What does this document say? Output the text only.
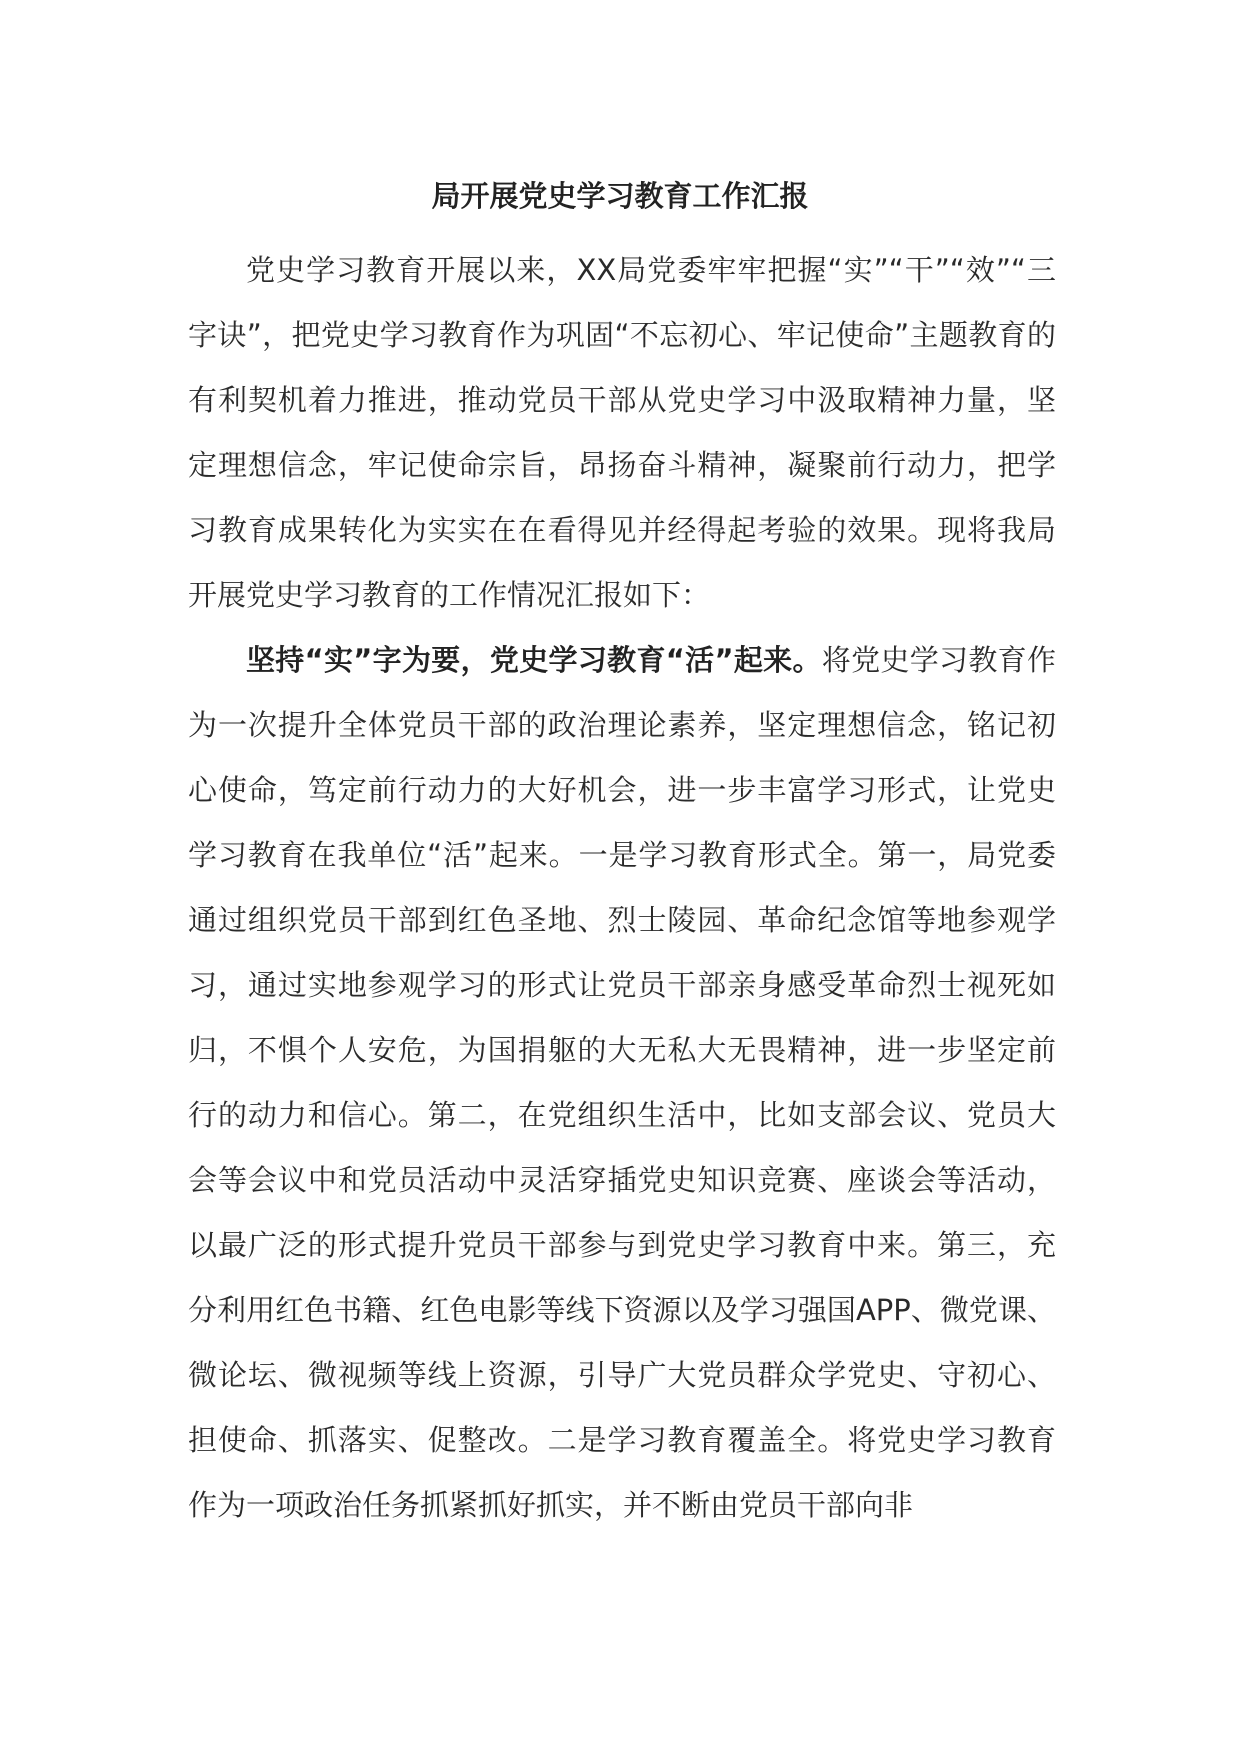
局开展党史学习教育工作汇报

党史学习教育开展以来，XX局党委牢牢把握“实”“干”“效”“三字诀”，把党史学习教育作为巩固“不忘初心、牢记使命”主题教育的有利契机着力推进，推动党员干部从党史学习中汲取精神力量，坚定理想信念，牢记使命宗旨，昂扬奋斗精神，凝聚前行动力，把学习教育成果转化为实实在在看得见并经得起考验的效果。现将我局开展党史学习教育的工作情况汇报如下：

坚持“实”字为要，党史学习教育“活”起来。将党史学习教育作为一次提升全体党员干部的政治理论素养，坚定理想信念，铭记初心使命，笃定前行动力的大好机会，进一步丰富学习形式，让党史学习教育在我单位“活”起来。一是学习教育形式全。第一，局党委通过组织党员干部到红色圣地、烈士陵园、革命纪念馆等地参观学习，通过实地参观学习的形式让党员干部亲身感受革命烈士视死如归，不惧个人安危，为国捐躯的大无私大无畏精神，进一步坚定前行的动力和信心。第二，在党组织生活中，比如支部会议、党员大会等会议中和党员活动中灵活穿插党史知识竞赛、座谈会等活动，以最广泛的形式提升党员干部参与到党史学习教育中来。第三，充分利用红色书籍、红色电影等线下资源以及学习强国APP、微党课、微论坛、微视频等线上资源，引导广大党员群众学党史、守初心、担使命、抓落实、促整改。二是学习教育覆盖全。将党史学习教育作为一项政治任务抓紧抓好抓实，并不断由党员干部向非
